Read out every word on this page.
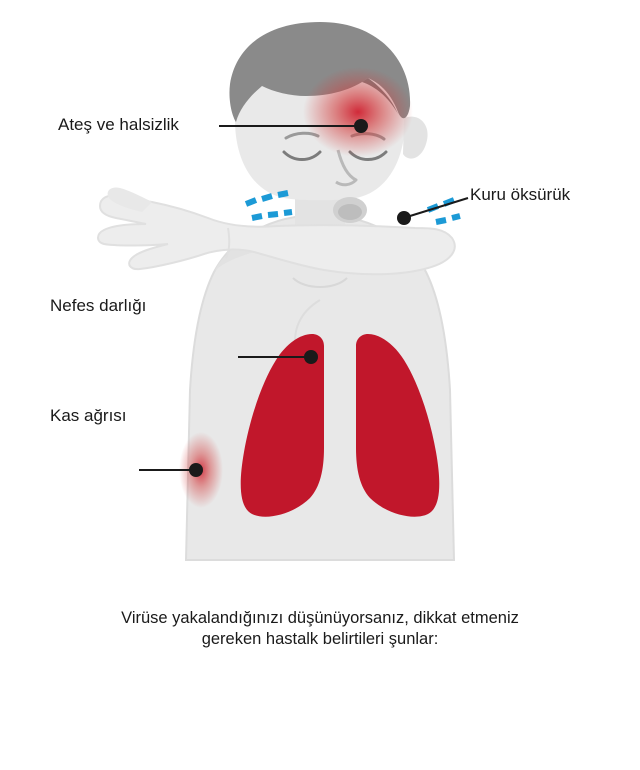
Ateş ve halsizlik
Kuru öksürük
Nefes darlığı
Kas ağrısı
Virüse yakalandığınızı düşünüyorsanız, dikkat etmeniz
gereken hastalk belirtileri şunlar:
